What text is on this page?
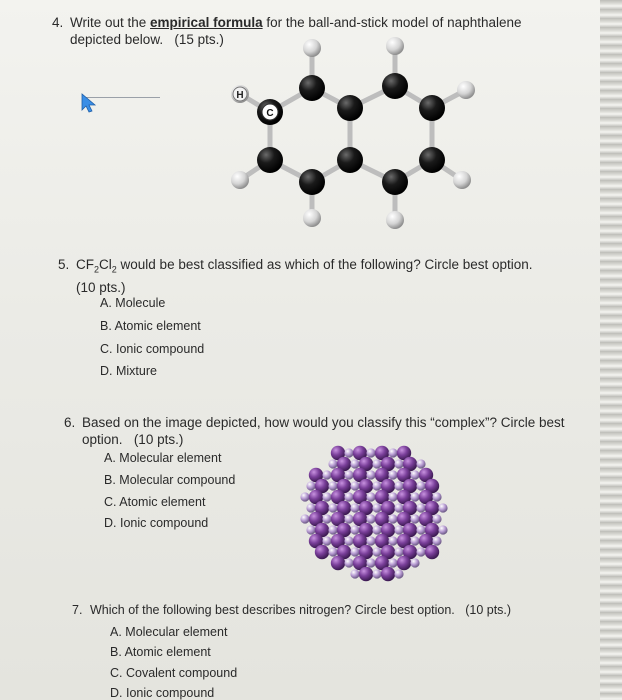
4. Write out the empirical formula for the ball-and-stick model of naphthalene
depicted below. (15 pts.)
H
C
5. $CF_2Cl_2$ would be best classified as which of the following? Circle best option.
(10 pts.)
A. Molecule
B. Atomic element
C. Ionic compound
D. Mixture
6. Based on the image depicted, how would you classify this “complex”? Circle best
option. (10 pts.)
A. Molecular element
B. Molecular compound
C. Atomic element
D. Ionic compound
7. Which of the following best describes nitrogen? Circle best option. (10 pts.)
A. Molecular element
B. Atomic element
C. Covalent compound
D. Ionic compound
